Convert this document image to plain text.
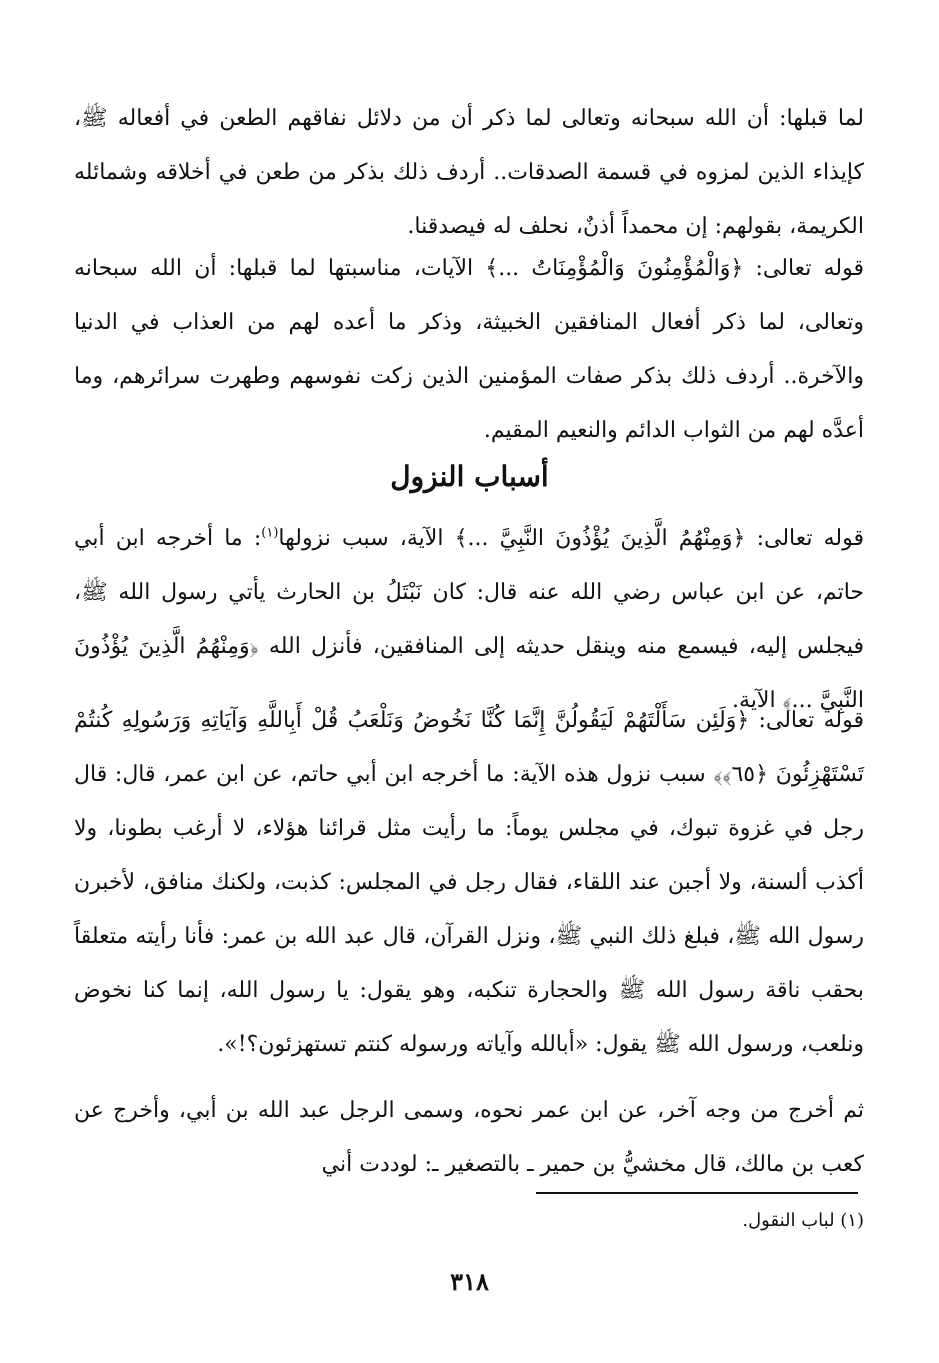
لما قبلها: أن الله سبحانه وتعالى لما ذكر أن من دلائل نفاقهم الطعن في أفعاله ﷺ، كإيذاء الذين لمزوه في قسمة الصدقات.. أردف ذلك بذكر من طعن في أخلاقه وشمائله الكريمة، بقولهم: إن محمداً أذنٌ، نحلف له فيصدقنا.

قوله تعالى: ﴿وَالْمُؤْمِنُونَ وَالْمُؤْمِنَاتُ ...﴾ الآيات، مناسبتها لما قبلها: أن الله سبحانه وتعالى، لما ذكر أفعال المنافقين الخبيثة، وذكر ما أعده لهم من العذاب في الدنيا والآخرة.. أردف ذلك بذكر صفات المؤمنين الذين زكت نفوسهم وطهرت سرائرهم، وما أعدَّه لهم من الثواب الدائم والنعيم المقيم.

أسباب النزول

قوله تعالى: ﴿وَمِنْهُمُ الَّذِينَ يُؤْذُونَ النَّبِيَّ ...﴾ الآية، سبب نزولها$^{(١)}$: ما أخرجه ابن أبي حاتم، عن ابن عباس رضي الله عنه قال: كان نَبْتَلُ بن الحارث يأتي رسول الله ﷺ، فيجلس إليه، فيسمع منه وينقل حديثه إلى المنافقين، فأنزل الله ﴿وَمِنْهُمُ الَّذِينَ يُؤْذُونَ النَّبِيَّ ...﴾ الآية.

قوله تعالى: ﴿وَلَئِن سَأَلْتَهُمْ لَيَقُولُنَّ إِنَّمَا كُنَّا نَخُوضُ وَنَلْعَبُ قُلْ أَبِاللَّهِ وَآيَاتِهِ وَرَسُولِهِ كُنتُمْ تَسْتَهْزِئُونَ ﴿٦٥﴾﴾ سبب نزول هذه الآية: ما أخرجه ابن أبي حاتم، عن ابن عمر، قال: قال رجل في غزوة تبوك، في مجلس يوماً: ما رأيت مثل قرائنا هؤلاء، لا أرغب بطونا، ولا أكذب ألسنة، ولا أجبن عند اللقاء، فقال رجل في المجلس: كذبت، ولكنك منافق، لأخبرن رسول الله ﷺ، فبلغ ذلك النبي ﷺ، ونزل القرآن، قال عبد الله بن عمر: فأنا رأيته متعلقاً بحقب ناقة رسول الله ﷺ والحجارة تنكبه، وهو يقول: يا رسول الله، إنما كنا نخوض ونلعب، ورسول الله ﷺ يقول: «أبالله وآياته ورسوله كنتم تستهزئون؟!».

ثم أخرج من وجه آخر، عن ابن عمر نحوه، وسمى الرجل عبد الله بن أبي، وأخرج عن كعب بن مالك، قال مخشيُّ بن حمير ـ بالتصغير ـ: لوددت أني

(١) لباب النقول.

٣١٨
